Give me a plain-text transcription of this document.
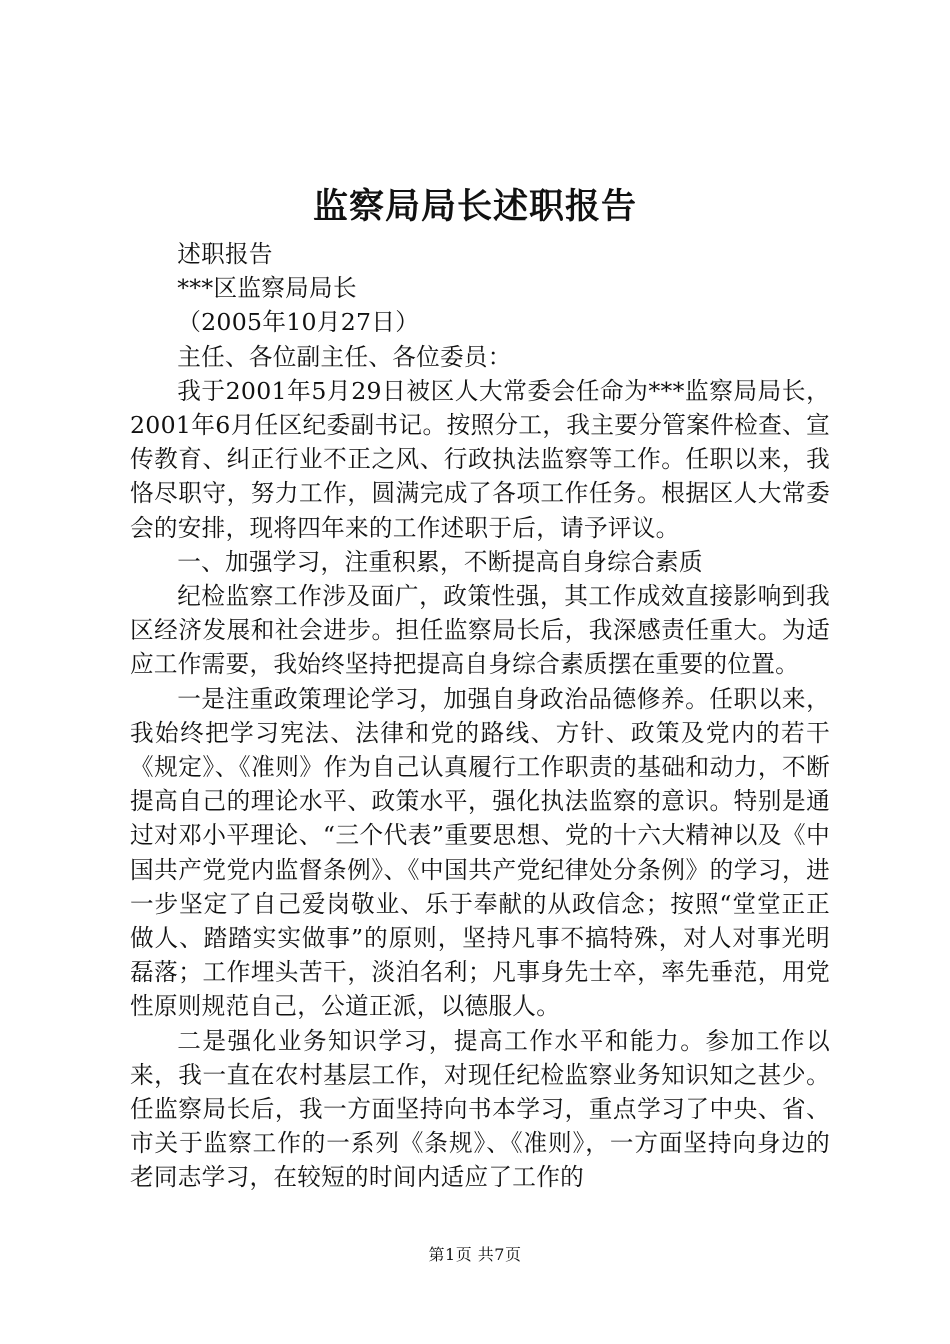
监察局局长述职报告

述职报告

***区监察局局长

（2005年10月27日）

主任、各位副主任、各位委员：

我于2001年5月29日被区人大常委会任命为***监察局局长，2001年6月任区纪委副书记。按照分工，我主要分管案件检查、宣传教育、纠正行业不正之风、行政执法监察等工作。任职以来，我恪尽职守，努力工作，圆满完成了各项工作任务。根据区人大常委会的安排，现将四年来的工作述职于后，请予评议。

一、加强学习，注重积累，不断提高自身综合素质

纪检监察工作涉及面广，政策性强，其工作成效直接影响到我区经济发展和社会进步。担任监察局长后，我深感责任重大。为适应工作需要，我始终坚持把提高自身综合素质摆在重要的位置。

一是注重政策理论学习，加强自身政治品德修养。任职以来，我始终把学习宪法、法律和党的路线、方针、政策及党内的若干《规定》、《准则》作为自己认真履行工作职责的基础和动力，不断提高自己的理论水平、政策水平，强化执法监察的意识。特别是通过对邓小平理论、“三个代表”重要思想、党的十六大精神以及《中国共产党党内监督条例》、《中国共产党纪律处分条例》的学习，进一步坚定了自己爱岗敬业、乐于奉献的从政信念；按照“堂堂正正做人、踏踏实实做事”的原则，坚持凡事不搞特殊，对人对事光明磊落；工作埋头苦干，淡泊名利；凡事身先士卒，率先垂范，用党性原则规范自己，公道正派，以德服人。

二是强化业务知识学习，提高工作水平和能力。参加工作以来，我一直在农村基层工作，对现任纪检监察业务知识知之甚少。任监察局长后，我一方面坚持向书本学习，重点学习了中央、省、市关于监察工作的一系列《条规》、《准则》，一方面坚持向身边的老同志学习，在较短的时间内适应了工作的

第1页 共7页
